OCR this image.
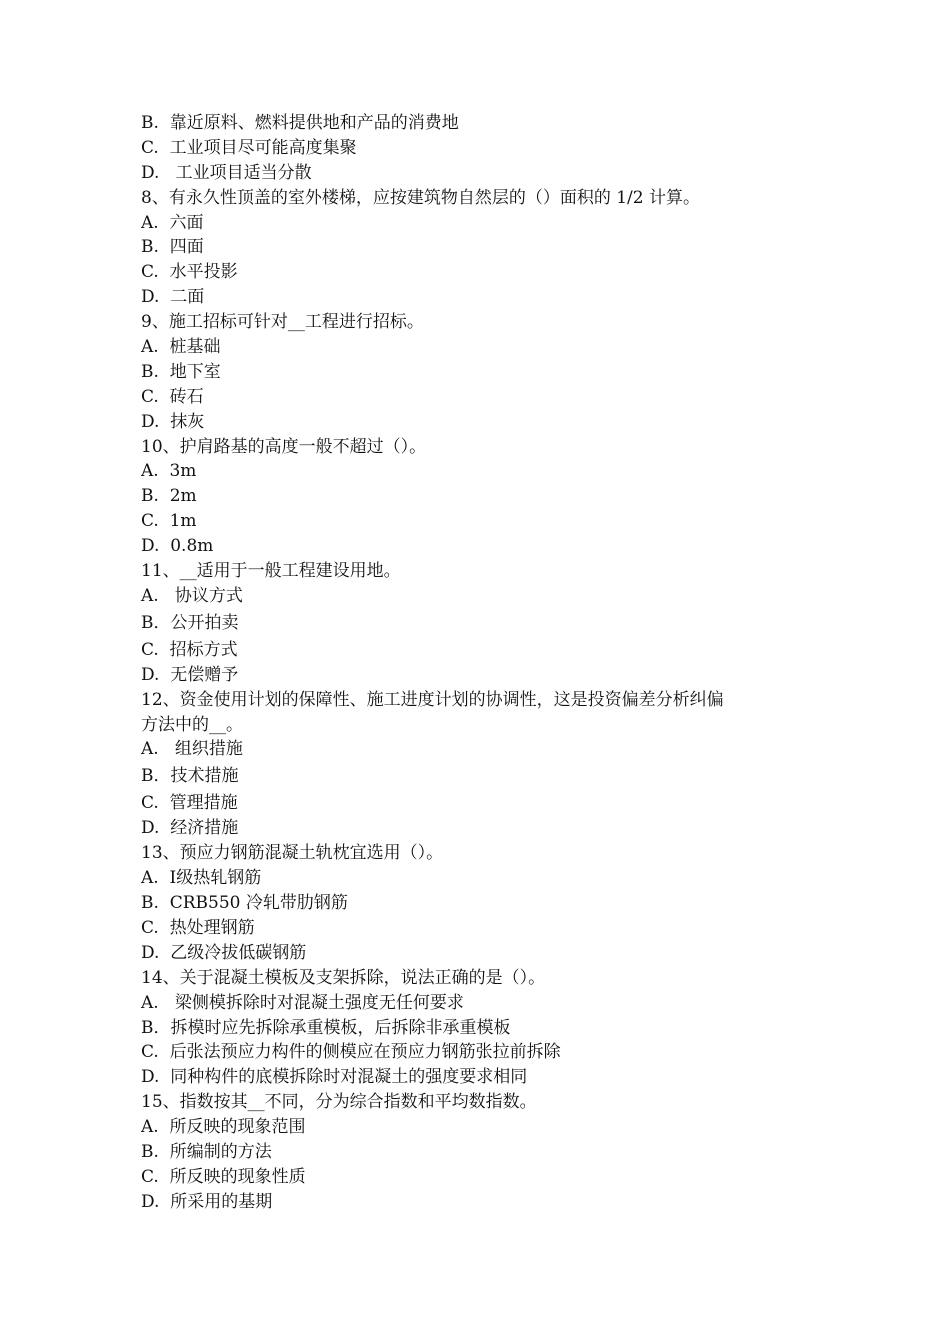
B.  靠近原料、燃料提供地和产品的消费地
C.  工业项目尽可能高度集聚
D.   工业项目适当分散
8、有永久性顶盖的室外楼梯，应按建筑物自然层的（）面积的 1/2 计算。
A.  六面
B.  四面
C.  水平投影
D.  二面
9、施工招标可针对__工程进行招标。
A.  桩基础
B.  地下室
C.  砖石
D.  抹灰
10、护肩路基的高度一般不超过（）。
A.  3m
B.  2m
C.  1m
D.  0.8m
11、__适用于一般工程建设用地。
A.   协议方式
B．公开拍卖
C.  招标方式
D.  无偿赠予
12、资金使用计划的保障性、施工进度计划的协调性，这是投资偏差分析纠偏
方法中的__。
A.   组织措施
B．技术措施
C.  管理措施
D.  经济措施
13、预应力钢筋混凝土轨枕宜选用（）。
A.  Ⅰ级热轧钢筋
B.  CRB550 冷轧带肋钢筋
C.  热处理钢筋
D.  乙级冷拔低碳钢筋
14、关于混凝土模板及支架拆除，说法正确的是（）。
A.   梁侧模拆除时对混凝土强度无任何要求
B．拆模时应先拆除承重模板，后拆除非承重模板
C.  后张法预应力构件的侧模应在预应力钢筋张拉前拆除
D.  同种构件的底模拆除时对混凝土的强度要求相同
15、指数按其__不同，分为综合指数和平均数指数。
A.  所反映的现象范围
B.  所编制的方法
C.  所反映的现象性质
D.  所采用的基期
